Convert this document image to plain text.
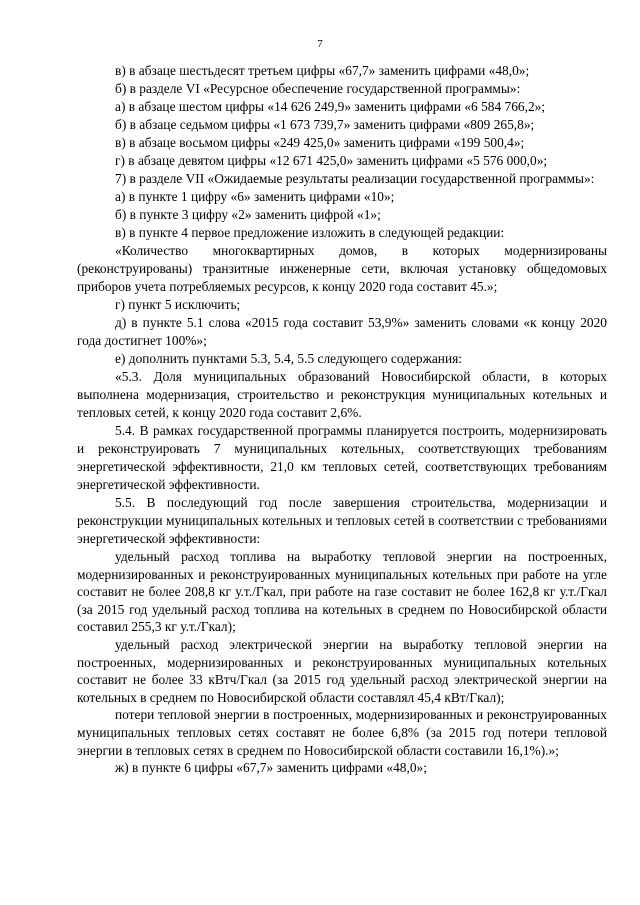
7

в) в абзаце шестьдесят третьем цифры «67,7» заменить цифрами «48,0»;

б) в разделе VI «Ресурсное обеспечение государственной программы»:

а) в абзаце шестом цифры «14 626 249,9» заменить цифрами «6 584 766,2»;

б) в абзаце седьмом цифры «1 673 739,7» заменить цифрами «809 265,8»;

в) в абзаце восьмом цифры «249 425,0» заменить цифрами «199 500,4»;

г) в абзаце девятом цифры «12 671 425,0» заменить цифрами «5 576 000,0»;

7) в разделе VII «Ожидаемые результаты реализации государственной программы»:

а) в пункте 1 цифру «6» заменить цифрами «10»;

б) в пункте 3 цифру «2» заменить цифрой «1»;

в) в пункте 4 первое предложение изложить в следующей редакции:

«Количество многоквартирных домов, в которых модернизированы (реконструированы) транзитные инженерные сети, включая установку общедомовых приборов учета потребляемых ресурсов, к концу 2020 года составит 45.»;

г) пункт 5 исключить;

д) в пункте 5.1 слова «2015 года составит 53,9%» заменить словами «к концу 2020 года достигнет 100%»;

е) дополнить пунктами 5.3, 5.4, 5.5 следующего содержания:

«5.3. Доля муниципальных образований Новосибирской области, в которых выполнена модернизация, строительство и реконструкция муниципальных котельных и тепловых сетей, к концу 2020 года составит 2,6%.

5.4. В рамках государственной программы планируется построить, модернизировать и реконструировать 7 муниципальных котельных, соответствующих требованиям энергетической эффективности, 21,0 км тепловых сетей, соответствующих требованиям энергетической эффективности.

5.5. В последующий год после завершения строительства, модернизации и реконструкции муниципальных котельных и тепловых сетей в соответствии с требованиями энергетической эффективности:

удельный расход топлива на выработку тепловой энергии на построенных, модернизированных и реконструированных муниципальных котельных при работе на угле составит не более 208,8 кг у.т./Гкал, при работе на газе составит не более 162,8 кг у.т./Гкал (за 2015 год удельный расход топлива на котельных в среднем по Новосибирской области составил 255,3 кг у.т./Гкал);

удельный расход электрической энергии на выработку тепловой энергии на построенных, модернизированных и реконструированных муниципальных котельных составит не более 33 кВтч/Гкал (за 2015 год удельный расход электрической энергии на котельных в среднем по Новосибирской области составлял 45,4 кВт/Гкал);

потери тепловой энергии в построенных, модернизированных и реконструированных муниципальных тепловых сетях составят не более 6,8% (за 2015 год потери тепловой энергии в тепловых сетях в среднем по Новосибирской области составили 16,1%).»;

ж) в пункте 6 цифры «67,7» заменить цифрами «48,0»;
